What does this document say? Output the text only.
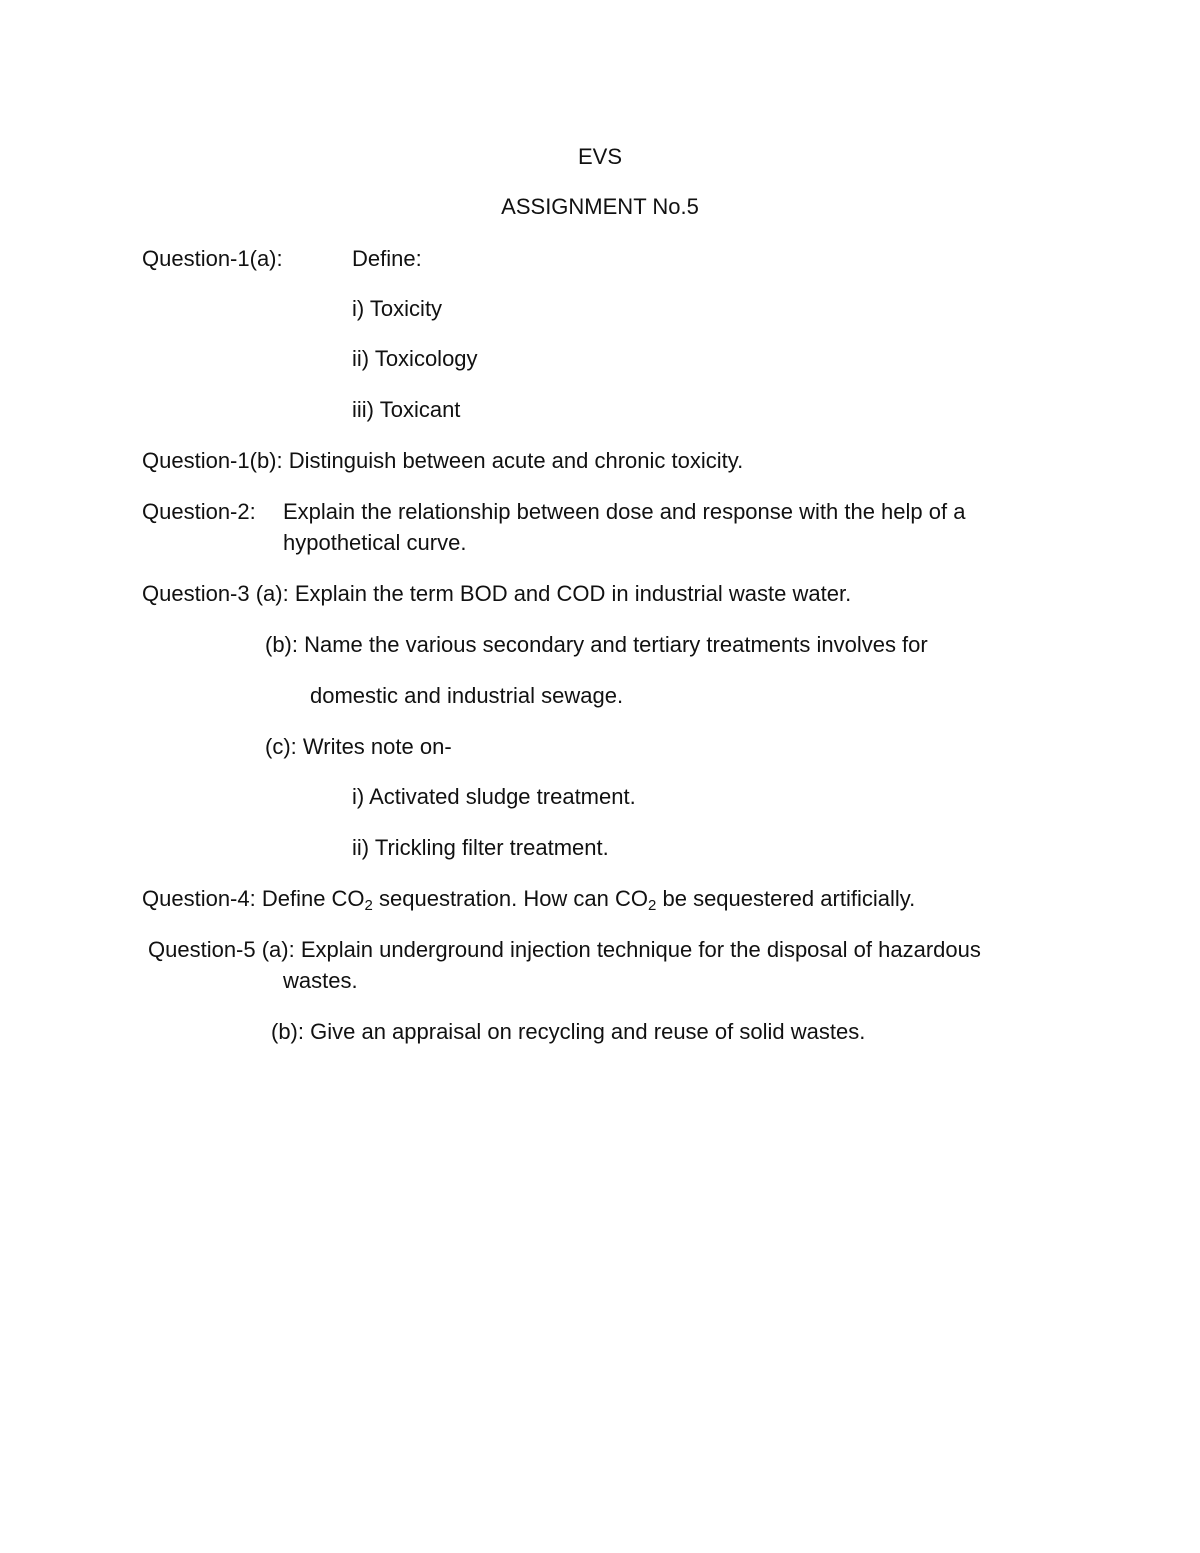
EVS
ASSIGNMENT No.5
Question-1(a):	Define:
i) Toxicity
ii) Toxicology
iii) Toxicant
Question-1(b): Distinguish between acute and chronic toxicity.
Question-2: Explain the relationship between dose and response with the help of a
hypothetical curve.
Question-3 (a): Explain the term BOD and COD in industrial waste water.
(b): Name the various secondary and tertiary treatments involves for
domestic and industrial sewage.
(c): Writes note on-
i) Activated sludge treatment.
ii) Trickling filter treatment.
Question-4: Define $CO_2$ sequestration. How can $CO_2$ be sequestered artificially.
Question-5 (a): Explain underground injection technique for the disposal of hazardous
wastes.
(b): Give an appraisal on recycling and reuse of solid wastes.
